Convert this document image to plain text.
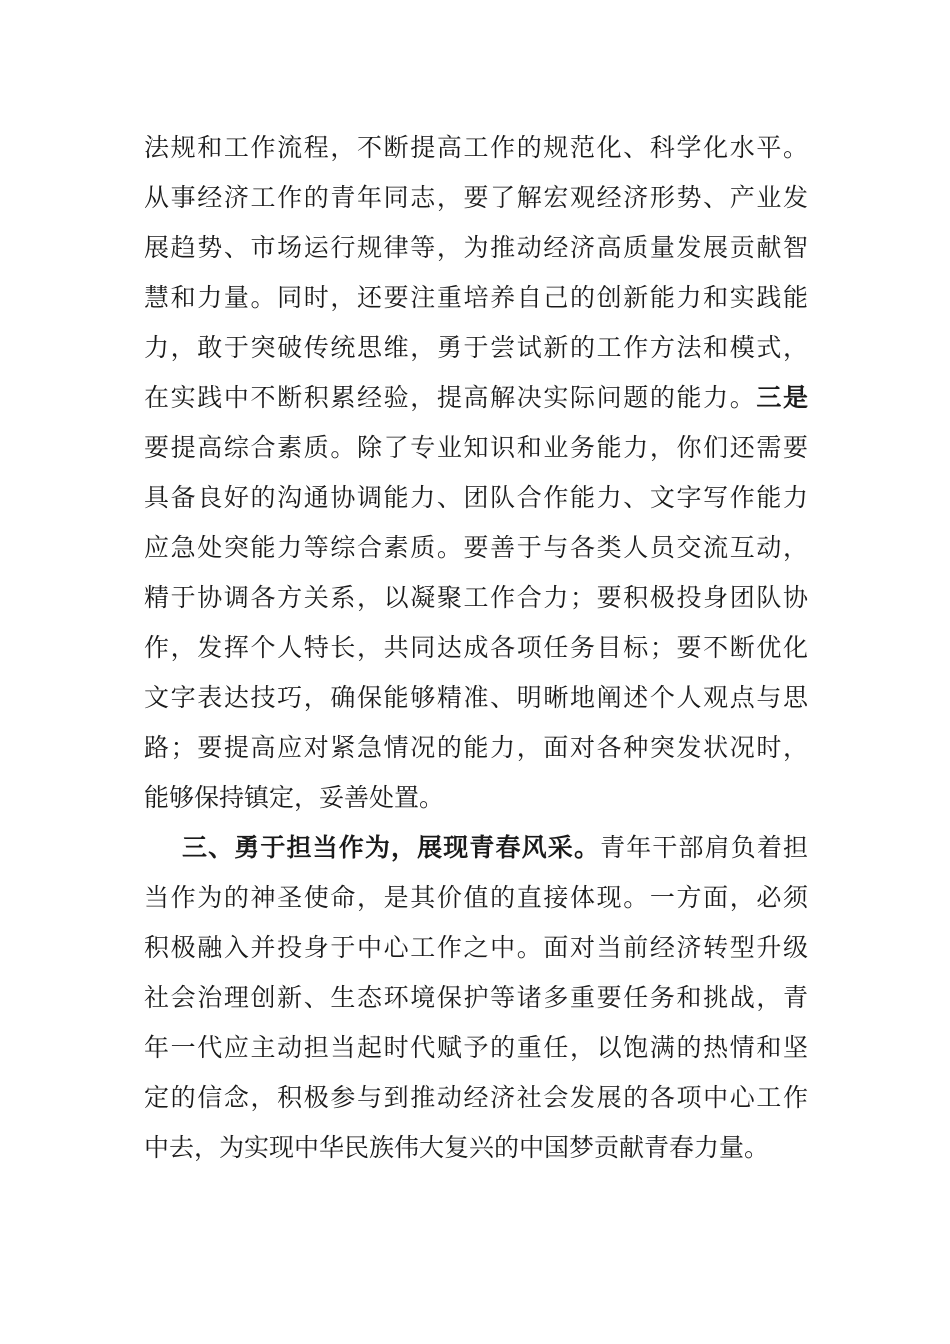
法规和工作流程，不断提高工作的规范化、科学化水平。
从事经济工作的青年同志，要了解宏观经济形势、产业发
展趋势、市场运行规律等，为推动经济高质量发展贡献智
慧和力量。同时，还要注重培养自己的创新能力和实践能
力，敢于突破传统思维，勇于尝试新的工作方法和模式，
在实践中不断积累经验，提高解决实际问题的能力。三是
要提高综合素质。除了专业知识和业务能力，你们还需要
具备良好的沟通协调能力、团队合作能力、文字写作能力
应急处突能力等综合素质。要善于与各类人员交流互动，
精于协调各方关系，以凝聚工作合力；要积极投身团队协
作，发挥个人特长，共同达成各项任务目标；要不断优化
文字表达技巧，确保能够精准、明晰地阐述个人观点与思
路；要提高应对紧急情况的能力，面对各种突发状况时，
能够保持镇定，妥善处置。
三、勇于担当作为，展现青春风采。青年干部肩负着担
当作为的神圣使命，是其价值的直接体现。一方面，必须
积极融入并投身于中心工作之中。面对当前经济转型升级
社会治理创新、生态环境保护等诸多重要任务和挑战，青
年一代应主动担当起时代赋予的重任，以饱满的热情和坚
定的信念，积极参与到推动经济社会发展的各项中心工作
中去，为实现中华民族伟大复兴的中国梦贡献青春力量。
